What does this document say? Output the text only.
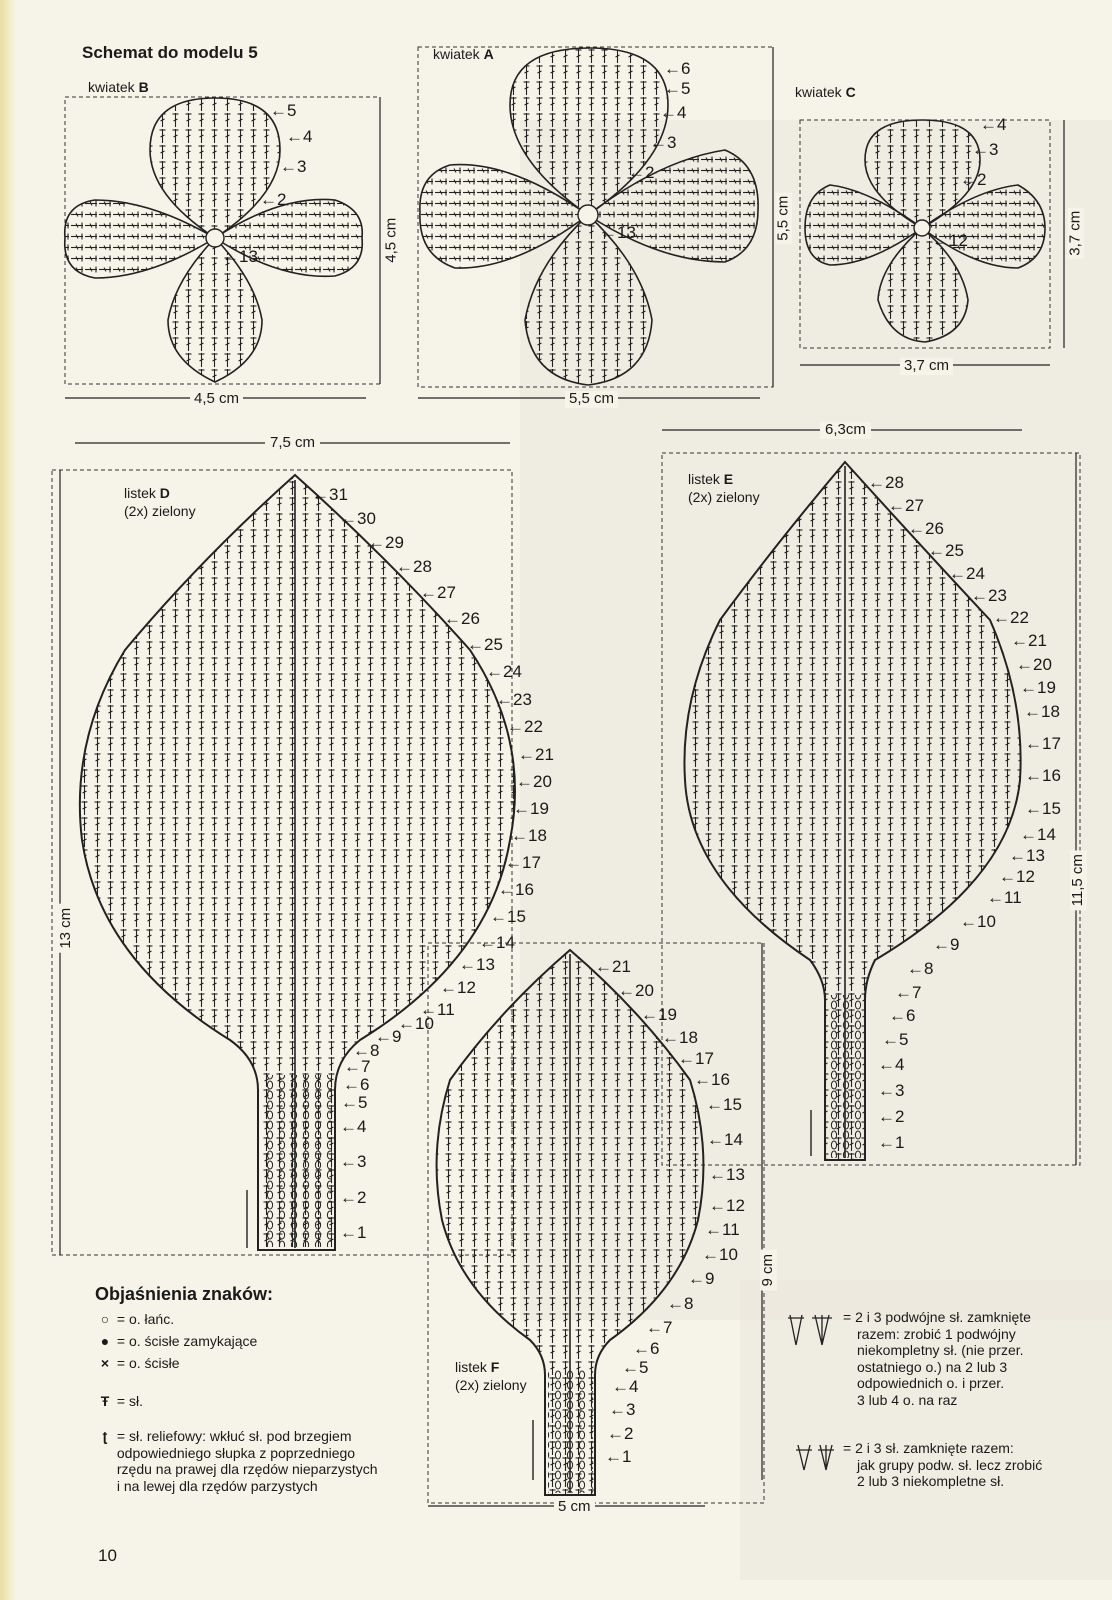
←31
←30
←29
←28
←27
←26
←25
←24
←23
←22
←21
←20
←19
←18
←17
←16
←15
←14
←13
←12
←11
←10
←9
←8
←7
←6
←5
←4
←3
←2
←1
←28
←27
←26
←25
←24
←23
←22
←21
←20
←19
←18
←17
←16
←15
←14
←13
←12
←11
←10
←9
←8
←7
←6
←5
←4
←3
←2
←1
←21
←20
←19
←18
←17
←16
←15
←14
←13
←12
←11
←10
←9
←8
←7
←6
←5
←4
←3
←2
←1
←5
←4
←3
←2
←13
←6
←5
←4
←3
←2
←13
←4
←3
←2
←12
Schemat do modelu 5
10
kwiatek B
kwiatek A
kwiatek C
4,5 cm
4,5 cm
5,5 cm
5,5 cm
3,7 cm
3,7 cm
listek D
(2x) zielony
listek E
(2x) zielony
listek F
(2x) zielony
7,5 cm
13 cm
6,3cm
11,5 cm
5 cm
9 cm
Objaśnienia znaków:
○ = o. łańc.
● = o. ścisłe zamykające
× = o. ścisłe
Ŧ = sł.
ʈ = sł. reliefowy: wkłuć sł. pod brzegiem
odpowiedniego słupka z poprzedniego
rzędu na prawej dla rzędów nieparzystych
i na lewej dla rzędów parzystych
= 2 i 3 podwójne sł. zamknięte
razem: zrobić 1 podwójny
niekompletny sł. (nie przer.
ostatniego o.) na 2 lub 3
odpowiednich o. i przer.
3 lub 4 o. na raz
= 2 i 3 sł. zamknięte razem:
jak grupy podw. sł. lecz zrobić
2 lub 3 niekompletne sł.
